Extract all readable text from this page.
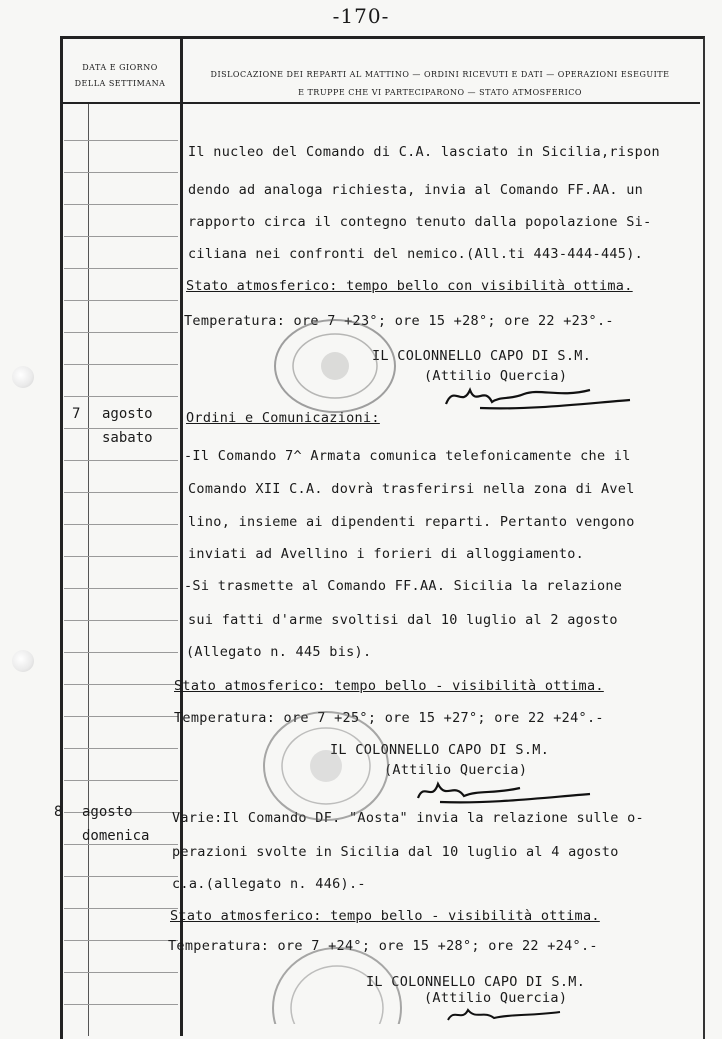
-170-
DATA E GIORNO
DELLA SETTIMANA
DISLOCAZIONE DEI REPARTI AL MATTINO — ORDINI RICEVUTI E DATI — OPERAZIONI ESEGUITE
E TRUPPE CHE VI PARTECIPARONO — STATO ATMOSFERICO
Il nucleo del Comando di C.A. lasciato in Sicilia,rispon
dendo ad analoga richiesta, invia al Comando FF.AA. un
rapporto circa il contegno tenuto dalla popolazione Si-
ciliana nei confronti del nemico.(All.ti 443-444-445).
Stato atmosferico: tempo bello con visibilità ottima.
Temperatura: ore 7 +23°; ore 15 +28°; ore 22 +23°.-
IL COLONNELLO CAPO DI S.M.
(Attilio Quercia)
7 agosto
sabato
Ordini e Comunicazioni:
-Il Comando 7^ Armata comunica telefonicamente che il
Comando XII C.A. dovrà trasferirsi nella zona di Avel
lino, insieme ai dipendenti reparti. Pertanto vengono
inviati ad Avellino i forieri di alloggiamento.
-Si trasmette al Comando FF.AA. Sicilia la relazione
sui fatti d'arme svoltisi dal 10 luglio al 2 agosto
(Allegato n. 445 bis).
Stato atmosferico: tempo bello - visibilità ottima.
Temperatura: ore 7 +25°; ore 15 +27°; ore 22 +24°.-
IL COLONNELLO CAPO DI S.M.
(Attilio Quercia)
8 agosto
domenica
Varie:Il Comando DF. "Aosta" invia la relazione sulle o-
perazioni svolte in Sicilia dal 10 luglio al 4 agosto
c.a.(allegato n. 446).-
Stato atmosferico: tempo bello - visibilità ottima.
Temperatura: ore 7 +24°; ore 15 +28°; ore 22 +24°.-
IL COLONNELLO CAPO DI S.M.
(Attilio Quercia)
